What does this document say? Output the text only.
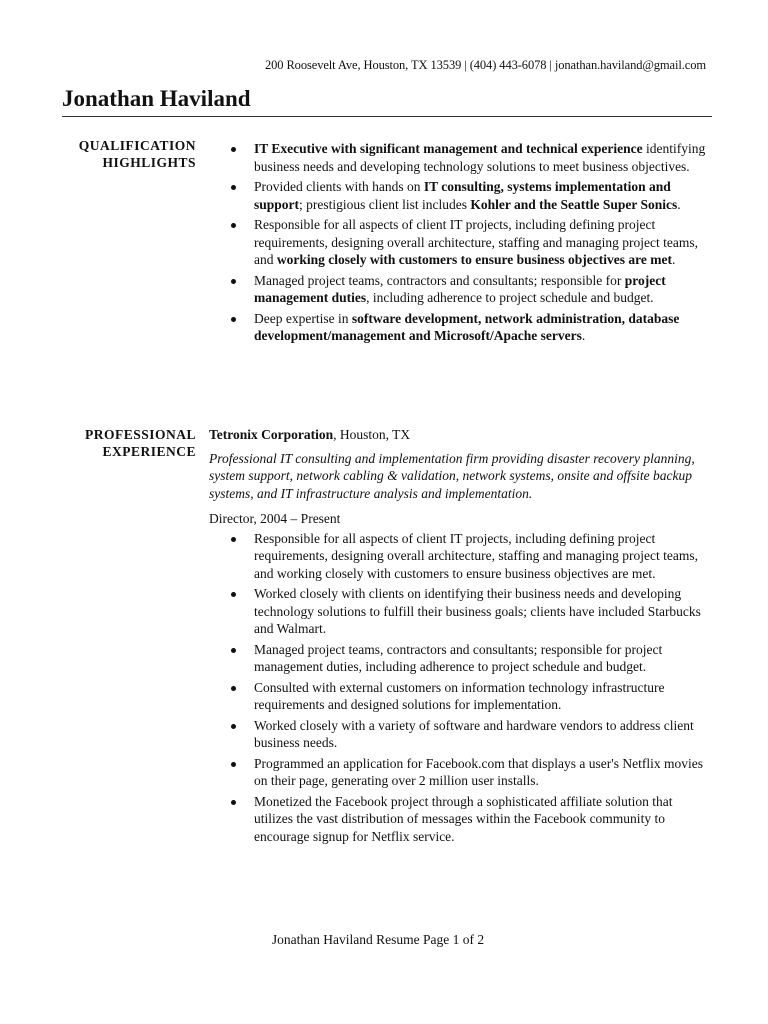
200 Roosevelt Ave, Houston, TX 13539 | (404) 443-6078 | jonathan.haviland@gmail.com
Jonathan Haviland
QUALIFICATION
HIGHLIGHTS
IT Executive with significant management and technical experience identifying business needs and developing technology solutions to meet business objectives.
Provided clients with hands on IT consulting, systems implementation and support; prestigious client list includes Kohler and the Seattle Super Sonics.
Responsible for all aspects of client IT projects, including defining project requirements, designing overall architecture, staffing and managing project teams, and working closely with customers to ensure business objectives are met.
Managed project teams, contractors and consultants; responsible for project management duties, including adherence to project schedule and budget.
Deep expertise in software development, network administration, database development/management and Microsoft/Apache servers.
PROFESSIONAL
EXPERIENCE
Tetronix Corporation, Houston, TX
Professional IT consulting and implementation firm providing disaster recovery planning, system support, network cabling & validation, network systems, onsite and offsite backup systems, and IT infrastructure analysis and implementation.
Director, 2004 – Present
Responsible for all aspects of client IT projects, including defining project requirements, designing overall architecture, staffing and managing project teams, and working closely with customers to ensure business objectives are met.
Worked closely with clients on identifying their business needs and developing technology solutions to fulfill their business goals; clients have included Starbucks and Walmart.
Managed project teams, contractors and consultants; responsible for project management duties, including adherence to project schedule and budget.
Consulted with external customers on information technology infrastructure requirements and designed solutions for implementation.
Worked closely with a variety of software and hardware vendors to address client business needs.
Programmed an application for Facebook.com that displays a user's Netflix movies on their page, generating over 2 million user installs.
Monetized the Facebook project through a sophisticated affiliate solution that utilizes the vast distribution of messages within the Facebook community to encourage signup for Netflix service.
Jonathan Haviland Resume Page 1 of 2
